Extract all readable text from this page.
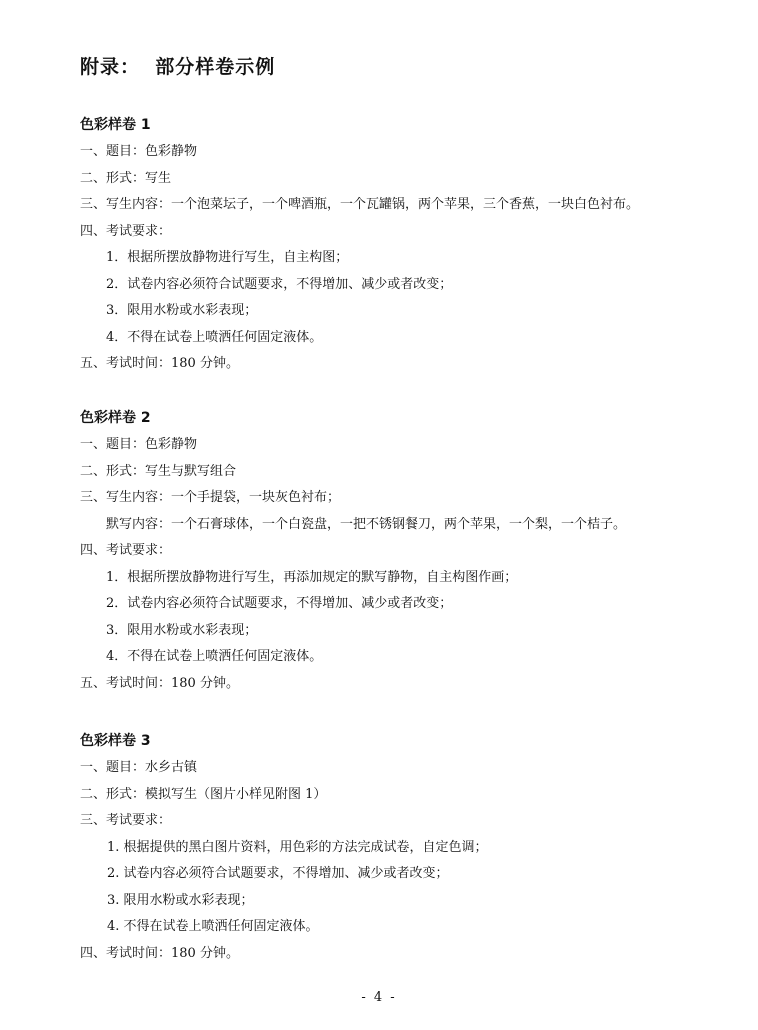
附录：  部分样卷示例
色彩样卷 1
一、题目：色彩静物
二、形式：写生
三、写生内容：一个泡菜坛子，一个啤酒瓶，一个瓦罐锅，两个苹果，三个香蕉，一块白色衬布。
四、考试要求：
1．根据所摆放静物进行写生，自主构图；
2．试卷内容必须符合试题要求，不得增加、减少或者改变；
3．限用水粉或水彩表现；
4．不得在试卷上喷洒任何固定液体。
五、考试时间：180 分钟。
色彩样卷 2
一、题目：色彩静物
二、形式：写生与默写组合
三、写生内容：一个手提袋，一块灰色衬布；
默写内容：一个石膏球体，一个白瓷盘，一把不锈钢餐刀，两个苹果，一个梨，一个桔子。
四、考试要求：
1．根据所摆放静物进行写生，再添加规定的默写静物，自主构图作画；
2．试卷内容必须符合试题要求，不得增加、减少或者改变；
3．限用水粉或水彩表现；
4．不得在试卷上喷洒任何固定液体。
五、考试时间：180 分钟。
色彩样卷 3
一、题目：水乡古镇
二、形式：模拟写生（图片小样见附图 1）
三、考试要求：
1. 根据提供的黑白图片资料，用色彩的方法完成试卷，自定色调；
2. 试卷内容必须符合试题要求，不得增加、减少或者改变；
3. 限用水粉或水彩表现；
4. 不得在试卷上喷洒任何固定液体。
四、考试时间：180 分钟。
- 4 -
